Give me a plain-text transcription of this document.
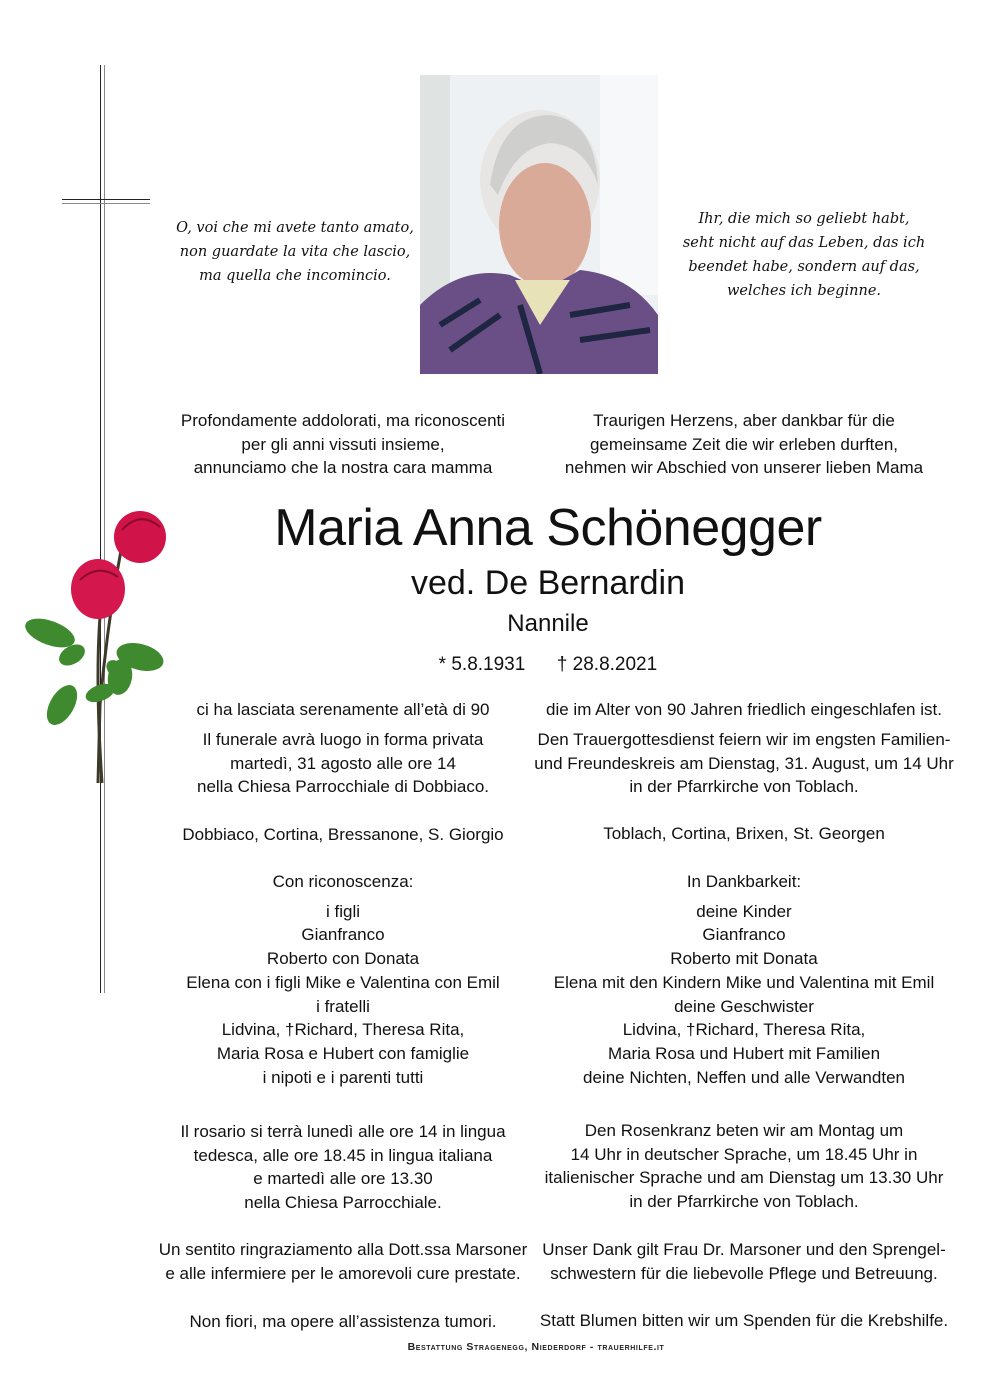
O, voi che mi avete tanto amato,
non guardate la vita che lascio,
ma quella che incomincio.
Ihr, die mich so geliebt habt,
seht nicht auf das Leben, das ich
beendet habe, sondern auf das,
welches ich beginne.
Profondamente addolorati, ma riconoscenti
per gli anni vissuti insieme,
annunciamo che la nostra cara mamma
Traurigen Herzens, aber dankbar für die
gemeinsame Zeit die wir erleben durften,
nehmen wir Abschied von unserer lieben Mama
Maria Anna Schönegger
ved. De Bernardin
Nannile
* 5.8.1931 † 28.8.2021
ci ha lasciata serenamente all’età di 90	die im Alter von 90 Jahren friedlich eingeschlafen ist.
Il funerale avrà luogo in forma privata
martedì, 31 agosto alle ore 14
nella Chiesa Parrocchiale di Dobbiaco.
Den Trauergottesdienst feiern wir im engsten Familien-
und Freundeskreis am Dienstag, 31. August, um 14 Uhr
in der Pfarrkirche von Toblach.
Dobbiaco, Cortina, Bressanone, S. Giorgio	Toblach, Cortina, Brixen, St. Georgen
Con riconoscenza:
i figli
Gianfranco
Roberto con Donata
Elena con i figli Mike e Valentina con Emil
i fratelli
Lidvina, †Richard, Theresa Rita,
Maria Rosa e Hubert con famiglie
i nipoti e i parenti tutti
In Dankbarkeit:
deine Kinder
Gianfranco
Roberto mit Donata
Elena mit den Kindern Mike und Valentina mit Emil
deine Geschwister
Lidvina, †Richard, Theresa Rita,
Maria Rosa und Hubert mit Familien
deine Nichten, Neffen und alle Verwandten
Il rosario si terrà lunedì alle ore 14 in lingua
tedesca, alle ore 18.45 in lingua italiana
e martedì alle ore 13.30
nella Chiesa Parrocchiale.
Den Rosenkranz beten wir am Montag um
14 Uhr in deutscher Sprache, um 18.45 Uhr in
italienischer Sprache und am Dienstag um 13.30 Uhr
in der Pfarrkirche von Toblach.
Un sentito ringraziamento alla Dott.ssa Marsoner
e alle infermiere per le amorevoli cure prestate.
Unser Dank gilt Frau Dr. Marsoner und den Sprengel-
schwestern für die liebevolle Pflege und Betreuung.
Non fiori, ma opere all’assistenza tumori.	Statt Blumen bitten wir um Spenden für die Krebshilfe.
Bestattung Stragenegg, Niederdorf - trauerhilfe.it
